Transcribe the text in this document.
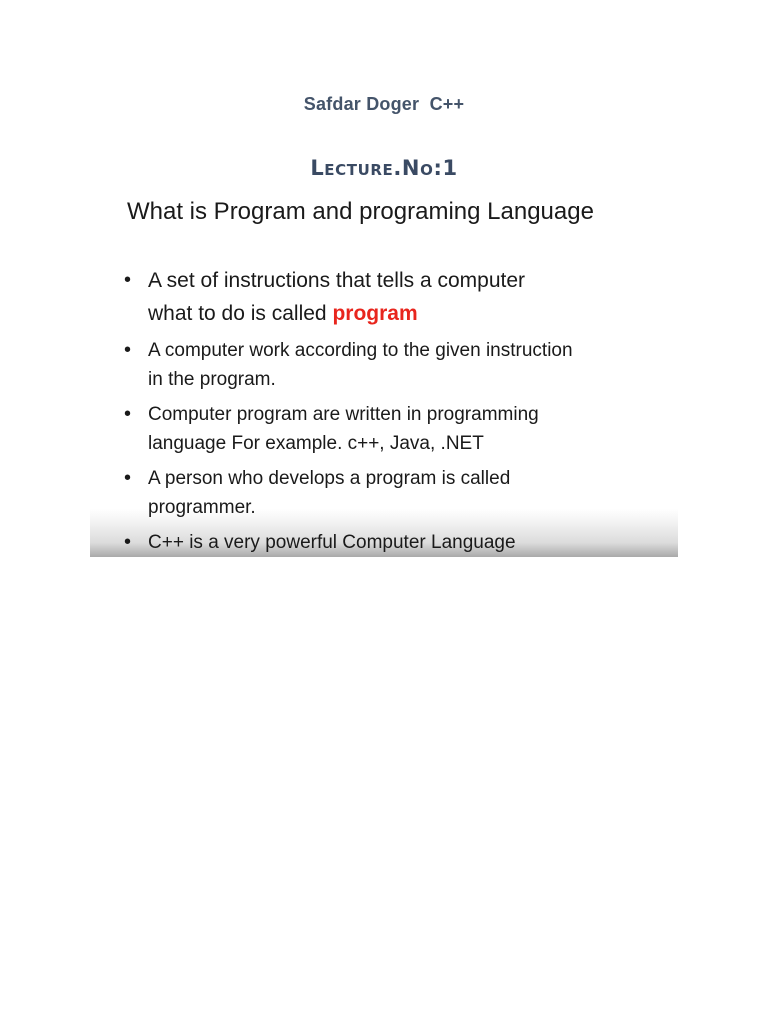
Safdar Doger  C++
Lecture.No:1
What is Program and programing Language
• A set of instructions that tells a computer
what to do is called program
• A computer work according to the given instruction
in the program.
• Computer program are written in programming
language For example. c++, Java, .NET
• A person who develops a program is called
programmer.
• C++ is a very powerful Computer Language
